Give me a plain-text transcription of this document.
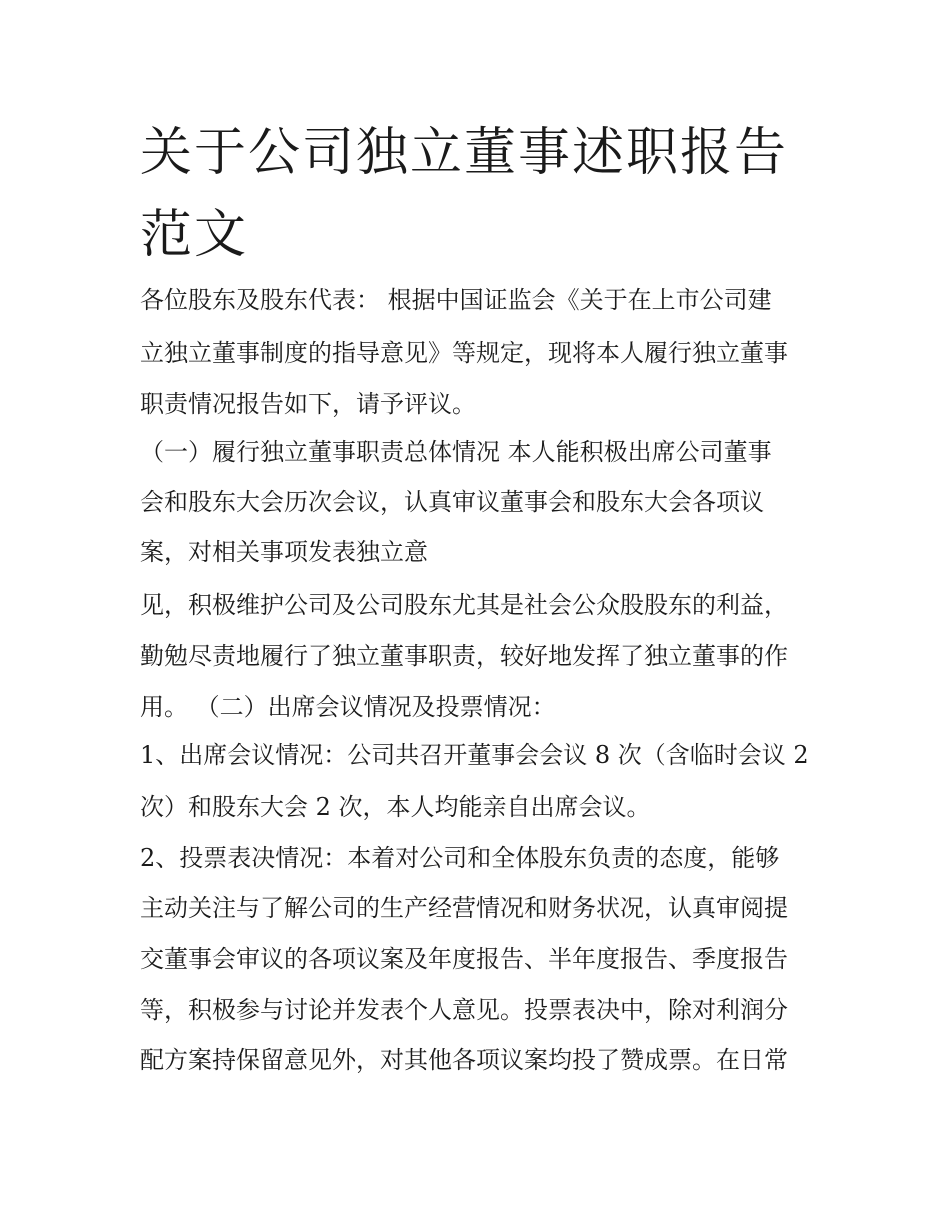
关于公司独立董事述职报告范文

各位股东及股东代表： 根据中国证监会《关于在上市公司建

立独立董事制度的指导意见》等规定，现将本人履行独立董事

职责情况报告如下，请予评议。

（一）履行独立董事职责总体情况 本人能积极出席公司董事

会和股东大会历次会议，认真审议董事会和股东大会各项议

案，对相关事项发表独立意

见，积极维护公司及公司股东尤其是社会公众股股东的利益，

勤勉尽责地履行了独立董事职责，较好地发挥了独立董事的作

用。 （二）出席会议情况及投票情况：

1、出席会议情况：公司共召开董事会会议 8 次（含临时会议 2

次）和股东大会 2 次，本人均能亲自出席会议。

2、投票表决情况：本着对公司和全体股东负责的态度，能够

主动关注与了解公司的生产经营情况和财务状况，认真审阅提

交董事会审议的各项议案及年度报告、半年度报告、季度报告

等，积极参与讨论并发表个人意见。投票表决中，除对利润分

配方案持保留意见外，对其他各项议案均投了赞成票。在日常
